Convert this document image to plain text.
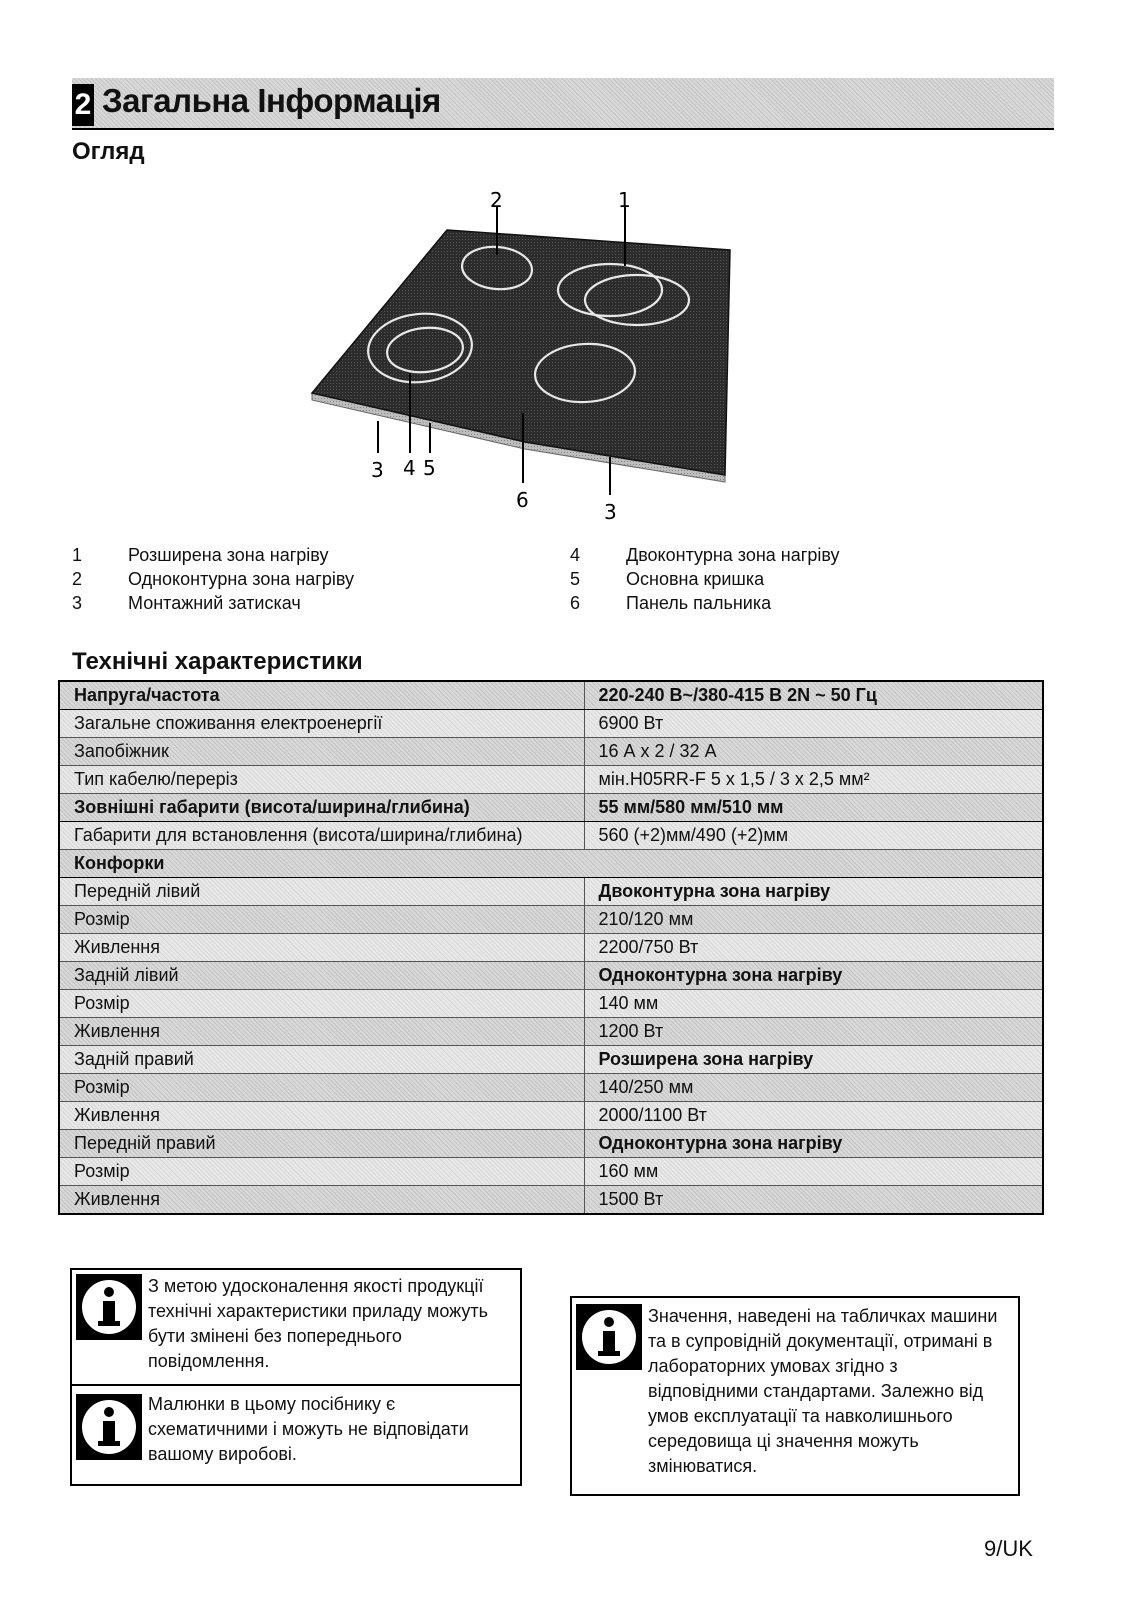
2 Загальна Інформація
Огляд
1
2
3 4 5
6	3
1	Розширена зона нагріву
2	Одноконтурна зона нагріву
3	Монтажний затискач
4	Двоконтурна зона нагріву
5	Основна кришка
6	Панель пальника
Технічні характеристики
Напруга/частота	220-240 В~/380-415 В 2N ~ 50 Гц
Загальне споживання електроенергії	6900 Вт
Запобіжник	16 А х 2 / 32 А
Тип кабелю/переріз	мін.H05RR-F 5 x 1,5 / 3 x 2,5 мм²
Зовнішні габарити (висота/ширина/глибина)	55 мм/580 мм/510 мм
Габарити для встановлення (висота/ширина/глибина)	560 (+2)мм/490 (+2)мм
Конфорки	
Передній лівий	Двоконтурна зона нагріву
Розмір	210/120 мм
Живлення	2200/750 Вт
Задній лівий	Одноконтурна зона нагріву
Розмір	140 мм
Живлення	1200 Вт
Задній правий	Розширена зона нагріву
Розмір	140/250 мм
Живлення	2000/1100 Вт
Передній правий	Одноконтурна зона нагріву
Розмір	160 мм
Живлення	1500 Вт
З метою удосконалення якості продукції технічні характеристики приладу можуть бути змінені без попереднього повідомлення.
Малюнки в цьому посібнику є схематичними і можуть не відповідати вашому виробові.
Значення, наведені на табличках машини та в супровідній документації, отримані в лабораторних умовах згідно з відповідними стандартами. Залежно від умов експлуатації та навколишнього середовища ці значення можуть змінюватися.
9/UK
